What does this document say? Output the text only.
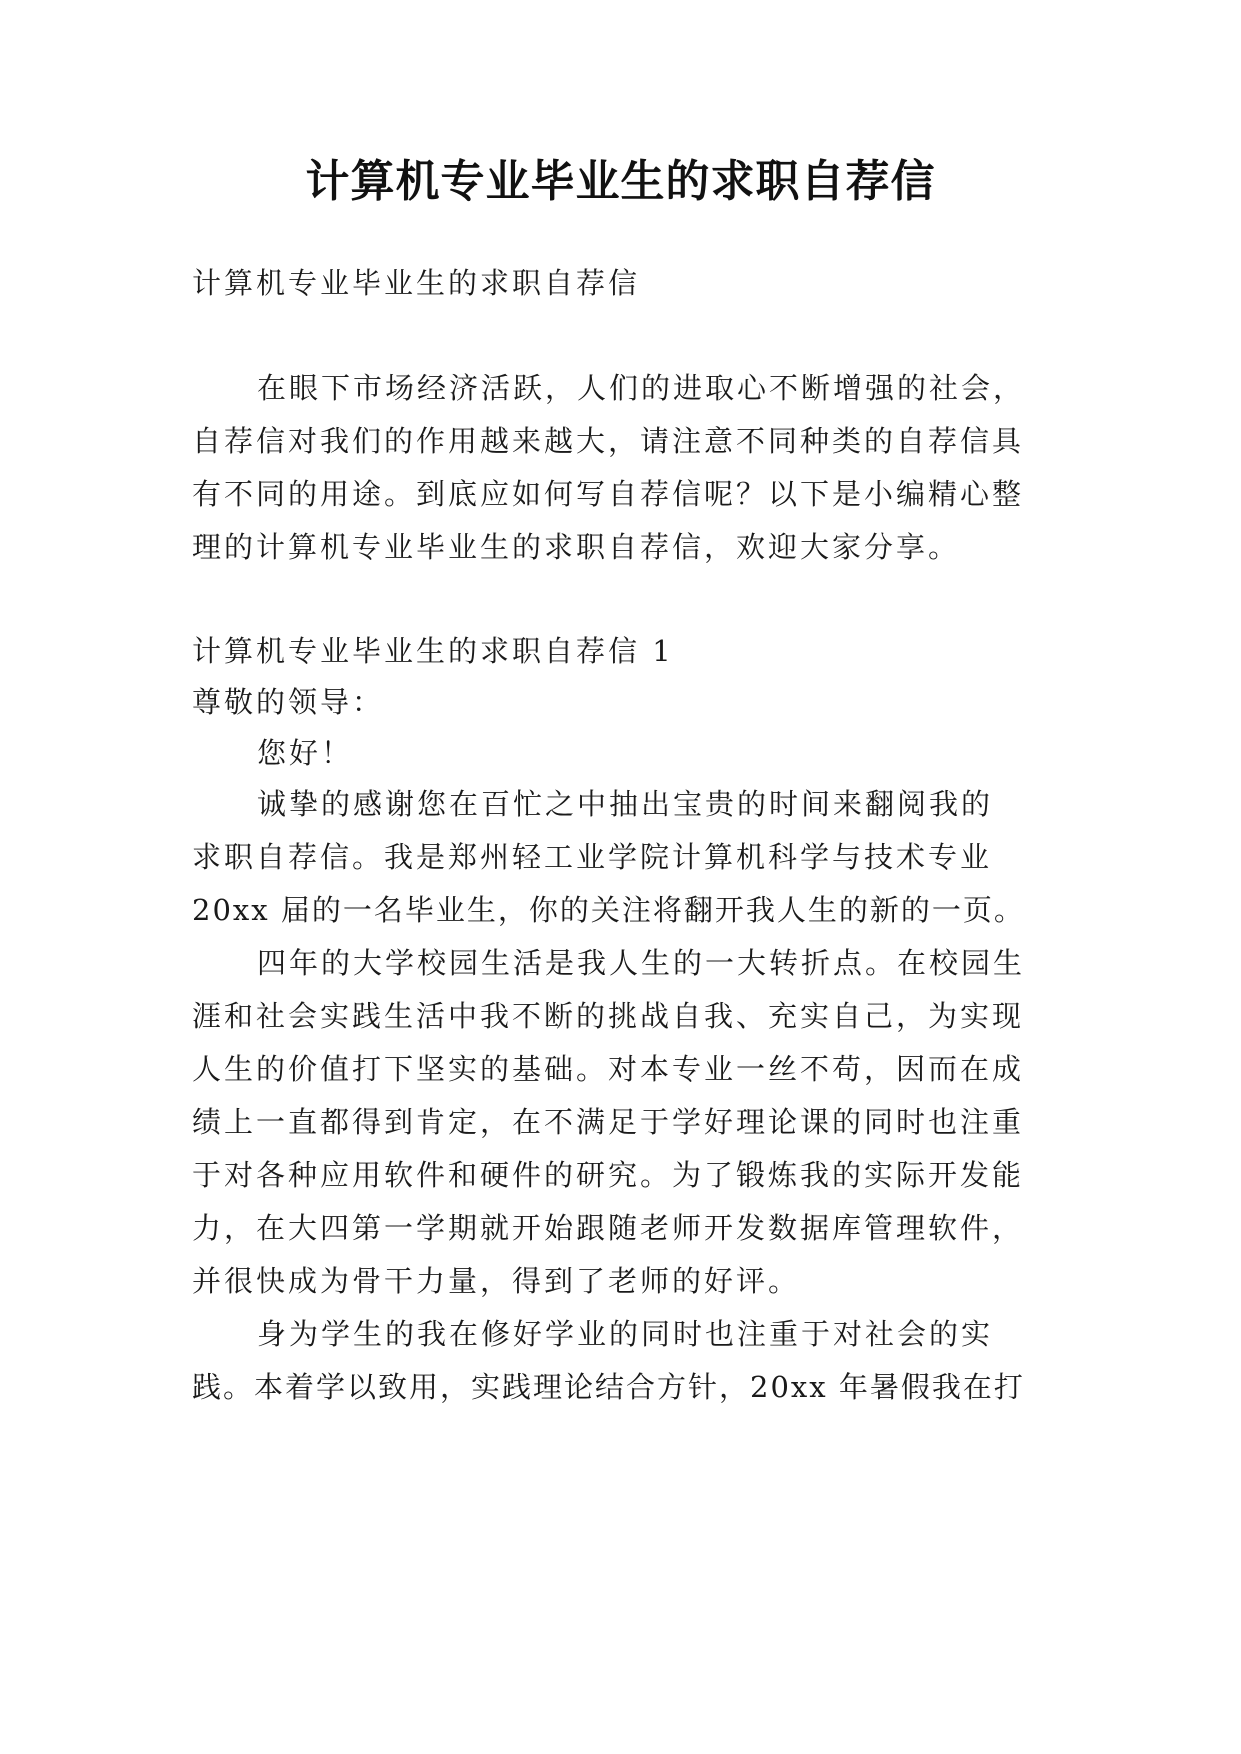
计算机专业毕业生的求职自荐信

计算机专业毕业生的求职自荐信

在眼下市场经济活跃，人们的进取心不断增强的社会，

自荐信对我们的作用越来越大，请注意不同种类的自荐信具

有不同的用途。到底应如何写自荐信呢？以下是小编精心整

理的计算机专业毕业生的求职自荐信，欢迎大家分享。

计算机专业毕业生的求职自荐信 1

尊敬的领导：

您好！

诚挚的感谢您在百忙之中抽出宝贵的时间来翻阅我的

求职自荐信。我是郑州轻工业学院计算机科学与技术专业

20xx 届的一名毕业生，你的关注将翻开我人生的新的一页。

四年的大学校园生活是我人生的一大转折点。在校园生

涯和社会实践生活中我不断的挑战自我、充实自己，为实现

人生的价值打下坚实的基础。对本专业一丝不苟，因而在成

绩上一直都得到肯定，在不满足于学好理论课的同时也注重

于对各种应用软件和硬件的研究。为了锻炼我的实际开发能

力，在大四第一学期就开始跟随老师开发数据库管理软件，

并很快成为骨干力量，得到了老师的好评。

身为学生的我在修好学业的同时也注重于对社会的实

践。本着学以致用，实践理论结合方针，20xx 年暑假我在打
